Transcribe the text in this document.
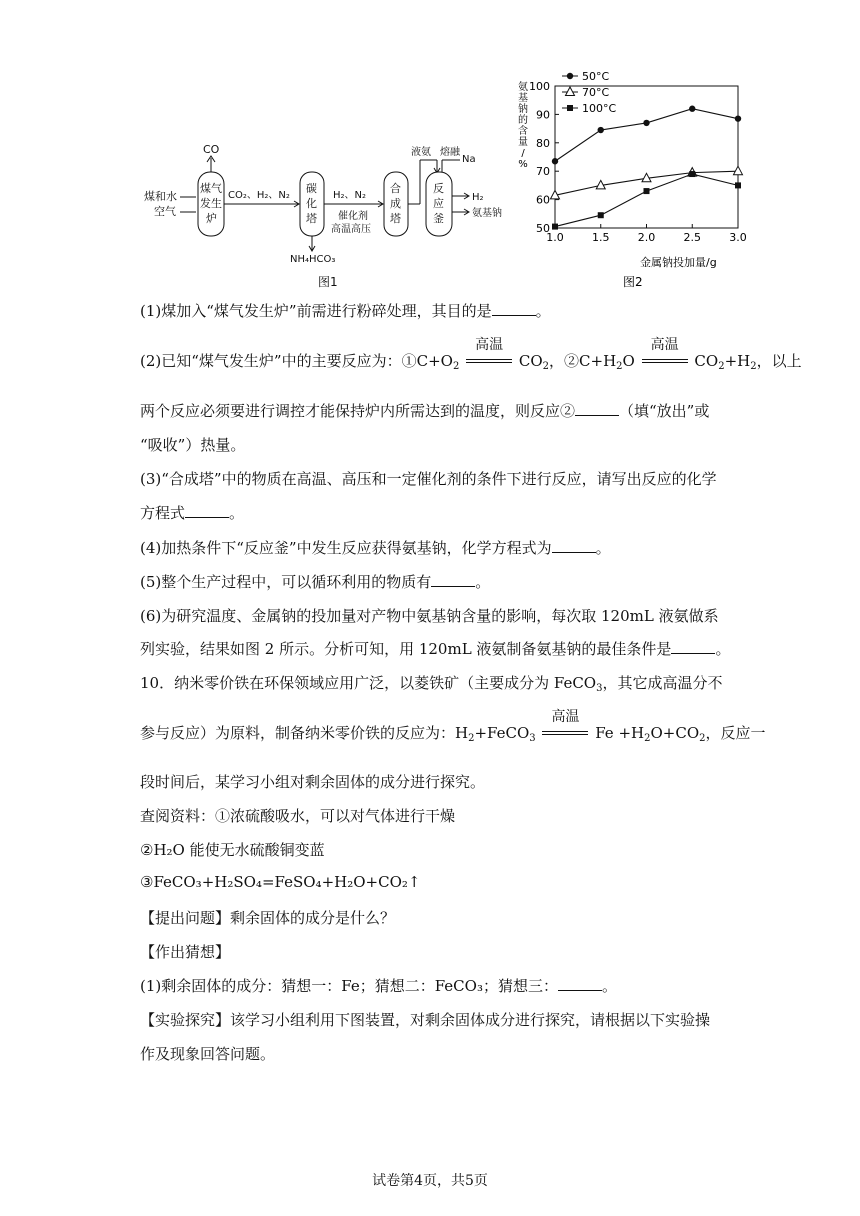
煤和水
空气
煤气
发生
炉
CO
CO₂、H₂、N₂
碳
化
塔
NH₄HCO₃
H₂、N₂
催化剂
高温高压
合
成
塔
液氨 熔融
Na
反
应
釜
H₂
氨基钠
图1
50
60
70
80
90
100
1.0	1.5	2.0	2.5	3.0
氨
基
钠
的
含
量
/
%
50°C
70°C
100°C
金属钠投加量/g
图2
(1)煤加入“煤气发生炉”前需进行粉碎处理，其目的是	。
(2)已知“煤气发生炉”中的主要反应为：$①C+O_2$
高温
$CO_2$，$②C+H_2O$
高温
$CO_2+H_2$，以上
两个反应必须要进行调控才能保持炉内所需达到的温度，则反应②	（填“放出”或
“吸收”）热量。
(3)“合成塔”中的物质在高温、高压和一定催化剂的条件下进行反应，请写出反应的化学
方程式	。
(4)加热条件下“反应釜”中发生反应获得氨基钠，化学方程式为	。
(5)整个生产过程中，可以循环利用的物质有	。
(6)为研究温度、金属钠的投加量对产物中氨基钠含量的影响，每次取 120mL 液氨做系
列实验，结果如图 2 所示。分析可知，用 120mL 液氨制备氨基钠的最佳条件是	。
10．纳米零价铁在环保领域应用广泛，以菱铁矿（主要成分为 FeCO$_3$，其它成高温分不
参与反应）为原料，制备纳米零价铁的反应为：$H_2+FeCO_3$
高温
$Fe +H_2O+CO_2$，反应一
段时间后，某学习小组对剩余固体的成分进行探究。
查阅资料：①浓硫酸吸水，可以对气体进行干燥
②H₂O 能使无水硫酸铜变蓝
③FeCO₃+H₂SO₄=FeSO₄+H₂O+CO₂↑
【提出问题】剩余固体的成分是什么？
【作出猜想】
(1)剩余固体的成分：猜想一：Fe；猜想二：FeCO₃；猜想三：	。
【实验探究】该学习小组利用下图装置，对剩余固体成分进行探究，请根据以下实验操
作及现象回答问题。
试卷第4页，共5页
